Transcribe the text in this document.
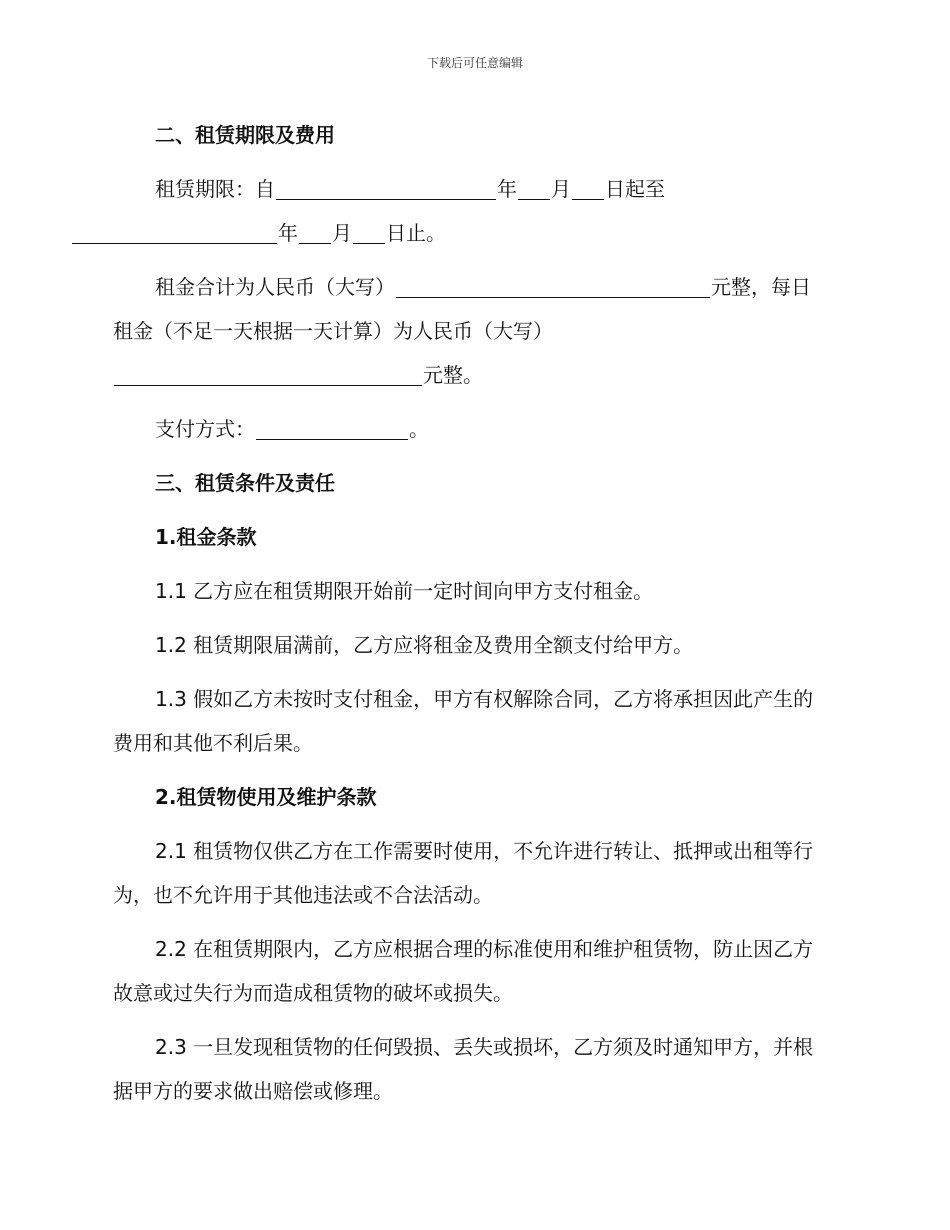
下载后可任意编辑

二、租赁期限及费用

租赁期限：自	年 月 日起至
年 月 日止。

租金合计为人民币（大写）	元整，每日租金（不足一天根据一天计算）为人民币（大写）元整。

支付方式：	。

三、租赁条件及责任

1.租金条款

1.1 乙方应在租赁期限开始前一定时间向甲方支付租金。

1.2 租赁期限届满前，乙方应将租金及费用全额支付给甲方。

1.3 假如乙方未按时支付租金，甲方有权解除合同，乙方将承担因此产生的费用和其他不利后果。

2.租赁物使用及维护条款

2.1 租赁物仅供乙方在工作需要时使用，不允许进行转让、抵押或出租等行为，也不允许用于其他违法或不合法活动。

2.2 在租赁期限内，乙方应根据合理的标准使用和维护租赁物，防止因乙方故意或过失行为而造成租赁物的破坏或损失。

2.3 一旦发现租赁物的任何毁损、丢失或损坏，乙方须及时通知甲方，并根据甲方的要求做出赔偿或修理。
